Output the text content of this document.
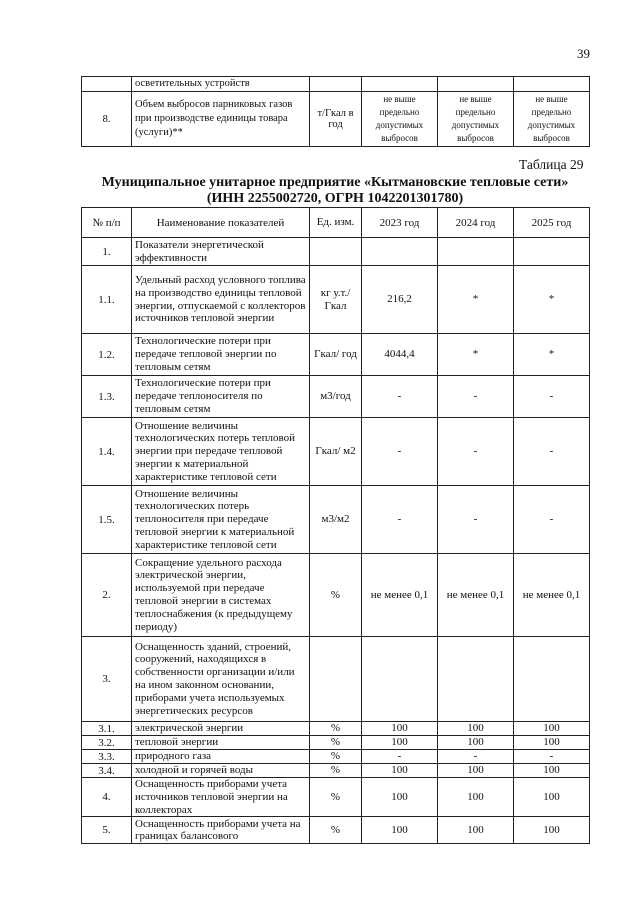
39
	осветительных устройств				
8.	Объем выбросов парниковых газов при производстве единицы товара (услуги)**	т/Гкал в год	не выше предельно допустимых выбросов	не выше предельно допустимых выбросов	не выше предельно допустимых выбросов
Таблица 29
Муниципальное унитарное предприятие «Кытмановские тепловые сети»
(ИНН 2255002720, ОГРН 1042201301780)
№ п/п	Наименование показателей	Ед. изм.	2023 год	2024 год	2025 год
1.	Показатели энергетической эффективности				
1.1.	Удельный расход условного топлива на производство единицы тепловой энергии, отпускаемой с коллекторов источников тепловой энергии	кг у.т./ Гкал	216,2	*	*
1.2.	Технологические потери при передаче тепловой энергии по тепловым сетям	Гкал/ год	4044,4	*	*
1.3.	Технологические потери при передаче теплоносителя по тепловым сетям	м3/год	-	-	-
1.4.	Отношение величины технологических потерь тепловой энергии при передаче тепловой энергии к материальной характеристике тепловой сети	Гкал/ м2	-	-	-
1.5.	Отношение величины технологических потерь теплоносителя при передаче тепловой энергии к материальной характеристике тепловой сети	м3/м2	-	-	-
2.	Сокращение удельного расхода электрической энергии, используемой при передаче тепловой энергии в системах теплоснабжения (к предыдущему периоду)	%	не менее 0,1	не менее 0,1	не менее 0,1
3.	Оснащенность зданий, строений, сооружений, находящихся в собственности организации и/или на ином законном основании, приборами учета используемых энергетических ресурсов				
3.1.	электрической энергии	%	100	100	100
3.2.	тепловой энергии	%	100	100	100
3.3.	природного газа	%	-	-	-
3.4.	холодной и горячей воды	%	100	100	100
4.	Оснащенность приборами учета источников тепловой энергии на коллекторах	%	100	100	100
5.	Оснащенность приборами учета на границах балансового	%	100	100	100
